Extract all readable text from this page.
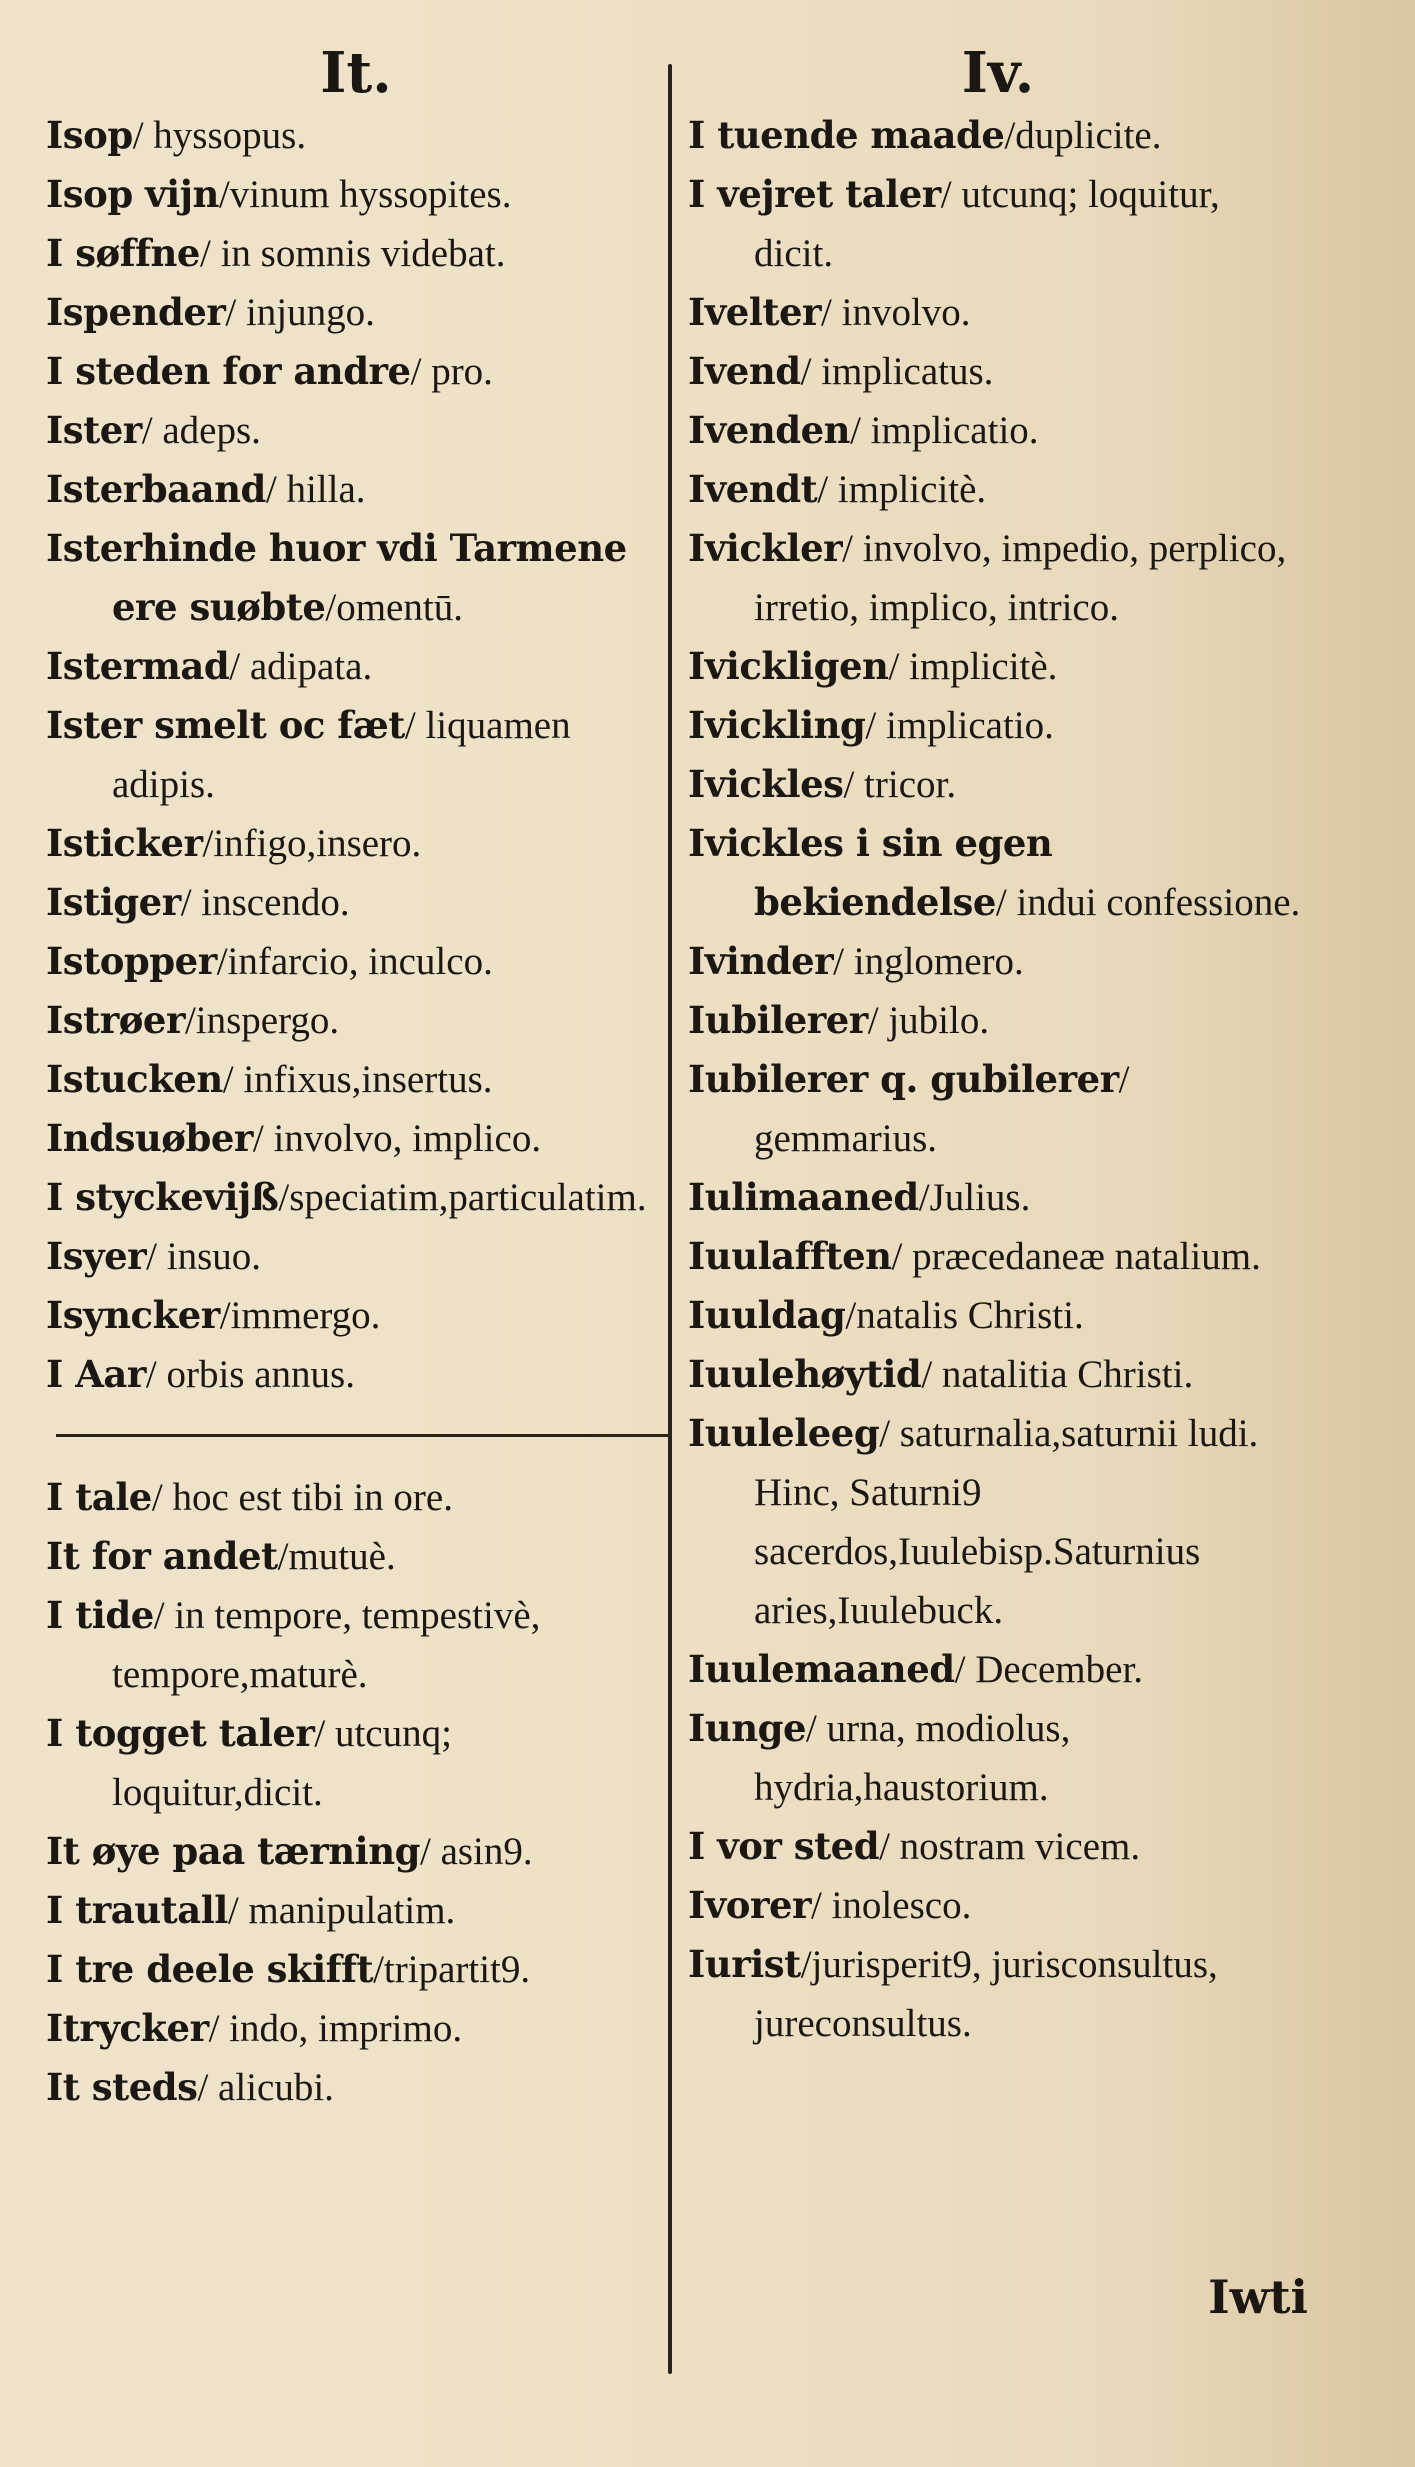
It.
Isop/ hyssopus.
Isop vijn/vinum hyssopites.
I søffne/ in somnis videbat.
Ispender/ injungo.
I steden for andre/ pro.
Ister/ adeps.
Isterbaand/ hilla.
Isterhinde huor vdi Tarmene ere suøbte/omentū.
Istermad/ adipata.
Ister smelt oc fæt/ liquamen adipis.
Isticker/infigo,insero.
Istiger/ inscendo.
Istopper/infarcio, inculco.
Istrøer/inspergo.
Istucken/ infixus,insertus.
Indsuøber/ involvo, implico.
I styckevijß/speciatim,particulatim.
Isyer/ insuo.
Isyncker/immergo.
I Aar/ orbis annus.
I tale/ hoc est tibi in ore.
It for andet/mutuè.
I tide/ in tempore, tempestivè, tempore,maturè.
I togget taler/ utcunq; loquitur,dicit.
It øye paa tærning/ asin9.
I trautall/ manipulatim.
I tre deele skifft/tripartit9.
Itrycker/ indo, imprimo.
It steds/ alicubi.
Iv.
I tuende maade/duplicite.
I vejret taler/ utcunq; loquitur, dicit.
Ivelter/ involvo.
Ivend/ implicatus.
Ivenden/ implicatio.
Ivendt/ implicitè.
Ivickler/ involvo, impedio, perplico, irretio, implico, intrico.
Ivickligen/ implicitè.
Ivickling/ implicatio.
Ivickles/ tricor.
Ivickles i sin egen bekiendelse/ indui confessione.
Ivinder/ inglomero.
Iubilerer/ jubilo.
Iubilerer q. gubilerer/ gemmarius.
Iulimaaned/Julius.
Iuulafften/ præcedaneæ natalium.
Iuuldag/natalis Christi.
Iuulehøytid/ natalitia Christi.
Iuuleleeg/ saturnalia,saturnii ludi. Hinc, Saturni9 sacerdos,Iuulebisp.Saturnius aries,Iuulebuck.
Iuulemaaned/ December.
Iunge/ urna, modiolus, hydria,haustorium.
I vor sted/ nostram vicem.
Ivorer/ inolesco.
Iurist/jurisperit9, jurisconsultus, jureconsultus.
Iwti
